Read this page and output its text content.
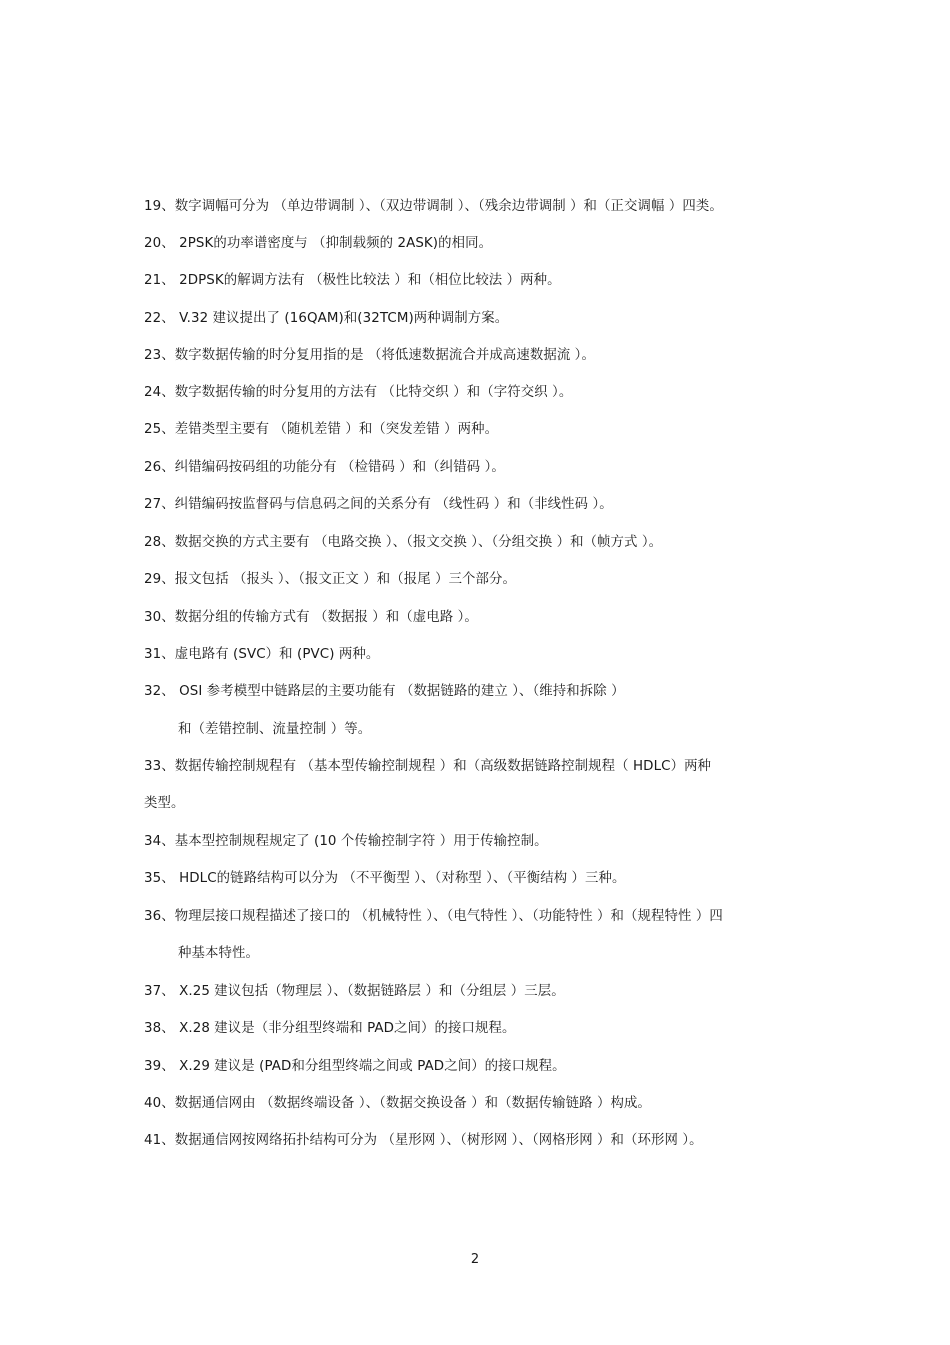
19、数字调幅可分为 （单边带调制 ）、（双边带调制 ）、（残余边带调制 ）和（正交调幅 ）四类。
20、 2PSK的功率谱密度与 （抑制载频的 2ASK)的相同。
21、 2DPSK的解调方法有 （极性比较法 ）和（相位比较法 ）两种。
22、 V.32 建议提出了 (16QAM)和(32TCM)两种调制方案。
23、数字数据传输的时分复用指的是 （将低速数据流合并成高速数据流 ）。
24、数字数据传输的时分复用的方法有 （比特交织 ）和（字符交织 ）。
25、差错类型主要有 （随机差错 ）和（突发差错 ）两种。
26、纠错编码按码组的功能分有 （检错码 ）和（纠错码 ）。
27、纠错编码按监督码与信息码之间的关系分有 （线性码 ）和（非线性码 ）。
28、数据交换的方式主要有 （电路交换 ）、（报文交换 ）、（分组交换 ）和（帧方式 ）。
29、报文包括 （报头 ）、（报文正文 ）和（报尾 ）三个部分。
30、数据分组的传输方式有 （数据报 ）和（虚电路 ）。
31、虚电路有 (SVC）和 (PVC) 两种。
32、 OSI 参考模型中链路层的主要功能有 （数据链路的建立 ）、（维持和拆除 ）
和（差错控制、流量控制 ）等。
33、数据传输控制规程有 （基本型传输控制规程 ）和（高级数据链路控制规程（ HDLC）两种
类型。
34、基本型控制规程规定了 (10 个传输控制字符 ）用于传输控制。
35、 HDLC的链路结构可以分为 （不平衡型 ）、（对称型 ）、（平衡结构 ）三种。
36、物理层接口规程描述了接口的 （机械特性 ）、（电气特性 ）、（功能特性 ）和（规程特性 ）四
种基本特性。
37、 X.25 建议包括（物理层 ）、（数据链路层 ）和（分组层 ）三层。
38、 X.28 建议是（非分组型终端和 PAD之间）的接口规程。
39、 X.29 建议是 (PAD和分组型终端之间或 PAD之间）的接口规程。
40、数据通信网由 （数据终端设备 ）、（数据交换设备 ）和（数据传输链路 ）构成。
41、数据通信网按网络拓扑结构可分为 （星形网 ）、（树形网 ）、（网格形网 ）和（环形网 ）。
2
